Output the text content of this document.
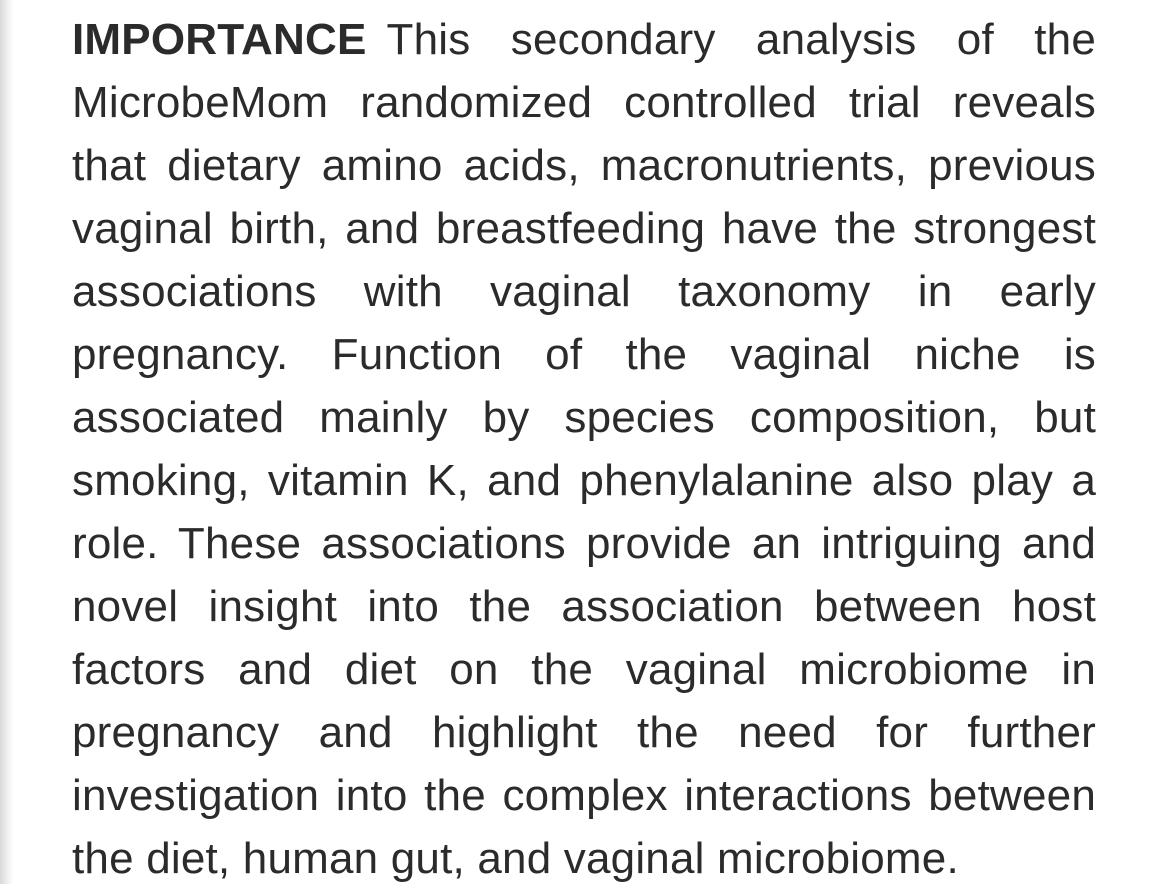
IMPORTANCE This secondary analysis of the MicrobeMom randomized controlled trial reveals that dietary amino acids, macronutrients, previous vaginal birth, and breastfeeding have the strongest associations with vaginal taxonomy in early pregnancy. Function of the vaginal niche is associated mainly by species composition, but smoking, vitamin K, and phenylalanine also play a role. These associations provide an intriguing and novel insight into the association between host factors and diet on the vaginal microbiome in pregnancy and highlight the need for further investigation into the complex interactions between the diet, human gut, and vaginal microbiome.
